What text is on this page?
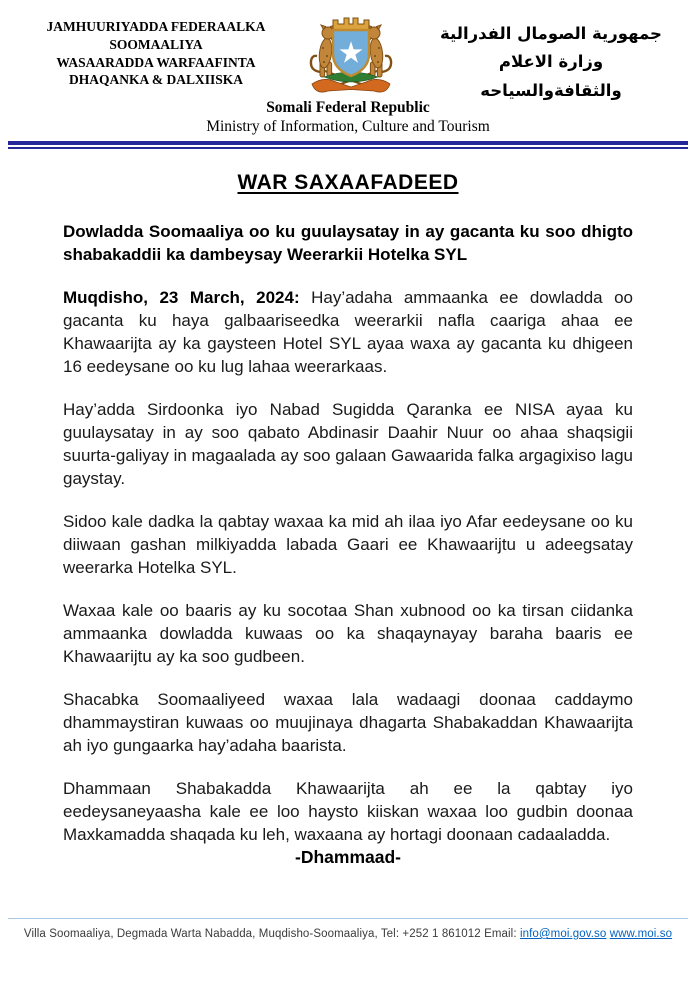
JAMHUURIYADDA FEDERAALKA
SOOMAALIYA
WASAARADDA WARFAAFINTA
DHAQANKA & DALXIISKA
جمهورية الصومال الفدرالية
وزارة الاعلام
والثقافةوالسياحه
Somali Federal Republic
Ministry of Information, Culture and Tourism
WAR SAXAAFADEED
Dowladda Soomaaliya oo ku guulaysatay in ay gacanta ku soo dhigto shabakaddii ka dambeysay Weerarkii Hotelka SYL

Muqdisho, 23 March, 2024: Hay’adaha ammaanka ee dowladda oo gacanta ku haya galbaariseedka weerarkii nafla caariga ahaa ee Khawaarijta ay ka gaysteen Hotel SYL ayaa waxa ay gacanta ku dhigeen 16 eedeysane oo ku lug lahaa weerarkaas.

Hay’adda Sirdoonka iyo Nabad Sugidda Qaranka ee NISA ayaa ku guulaysatay in ay soo qabato Abdinasir Daahir Nuur oo ahaa shaqsigii suurta-galiyay in magaalada ay soo galaan Gawaarida falka argagixiso lagu gaystay.

Sidoo kale dadka la qabtay waxaa ka mid ah ilaa iyo Afar eedeysane oo ku diiwaan gashan milkiyadda labada Gaari ee Khawaarijtu u adeegsatay weerarka Hotelka SYL.

Waxaa kale oo baaris ay ku socotaa Shan xubnood oo ka tirsan ciidanka ammaanka dowladda kuwaas oo ka shaqaynayay baraha baaris ee Khawaarijtu ay ka soo gudbeen.

Shacabka Soomaaliyeed waxaa lala wadaagi doonaa caddaymo dhammaystiran kuwaas oo muujinaya dhagarta Shabakaddan Khawaarijta ah iyo gungaarka hay’adaha baarista.

Dhammaan Shabakadda Khawaarijta ah ee la qabtay iyo eedeysaneyaasha kale ee loo haysto kiiskan waxaa loo gudbin doonaa Maxkamadda shaqada ku leh, waxaana ay hortagi doonaan cadaaladda.

-Dhammaad-
Villa Soomaaliya, Degmada Warta Nabadda, Muqdisho-Soomaaliya, Tel: +252 1 861012 Email: info@moi.gov.so www.moi.so
